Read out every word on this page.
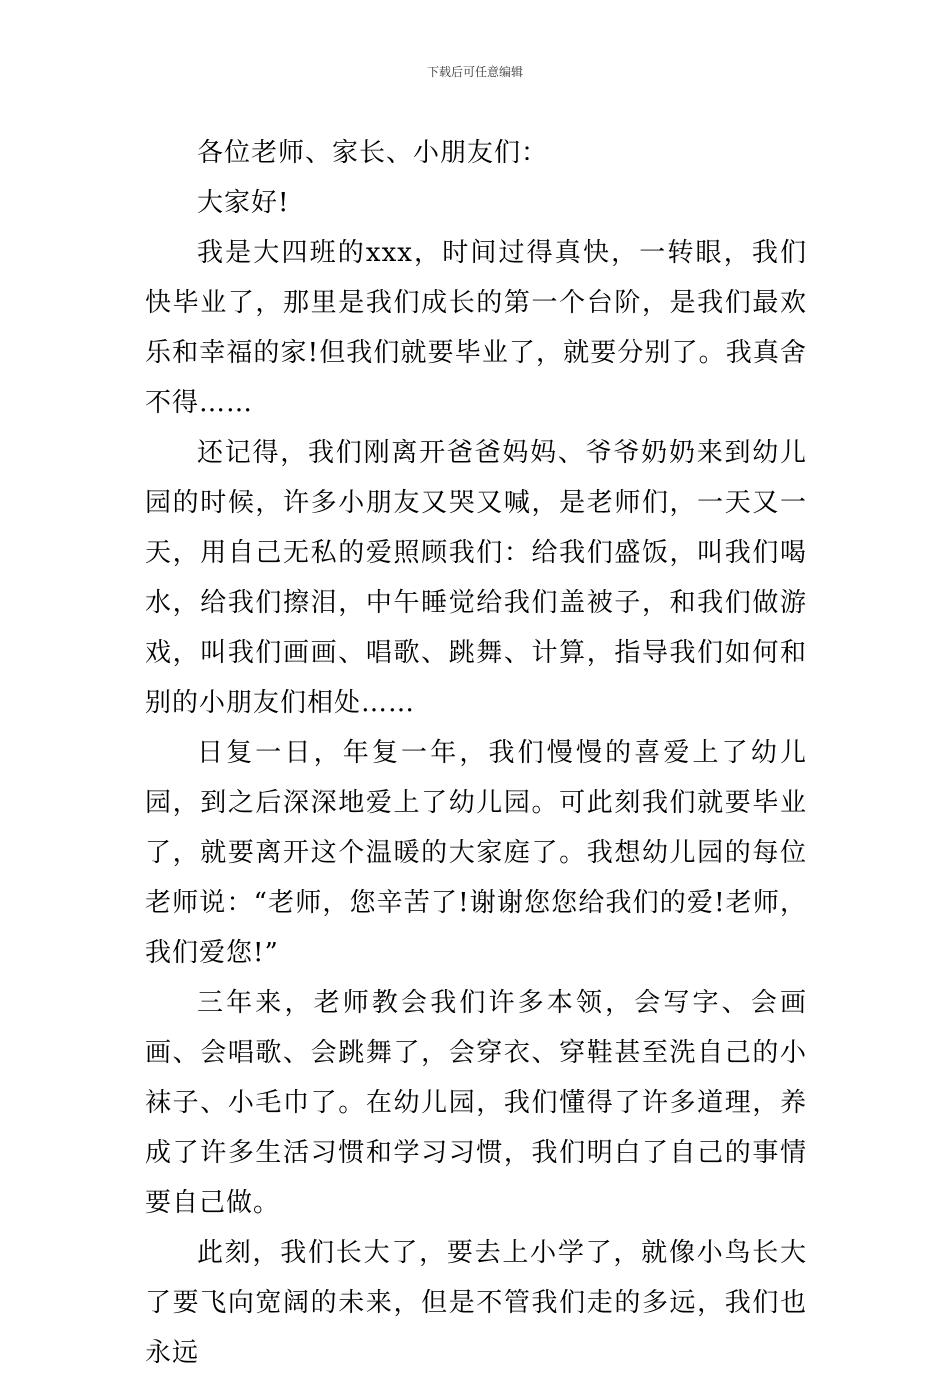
下载后可任意编辑

各位老师、家长、小朋友们：

大家好!

我是大四班的xxx，时间过得真快，一转眼，我们快毕业了，那里是我们成长的第一个台阶，是我们最欢乐和幸福的家!但我们就要毕业了，就要分别了。我真舍不得……

还记得，我们刚离开爸爸妈妈、爷爷奶奶来到幼儿园的时候，许多小朋友又哭又喊，是老师们，一天又一天，用自己无私的爱照顾我们：给我们盛饭，叫我们喝水，给我们擦泪，中午睡觉给我们盖被子，和我们做游戏，叫我们画画、唱歌、跳舞、计算，指导我们如何和别的小朋友们相处……

日复一日，年复一年，我们慢慢的喜爱上了幼儿园，到之后深深地爱上了幼儿园。可此刻我们就要毕业了，就要离开这个温暖的大家庭了。我想幼儿园的每位老师说：“老师，您辛苦了!谢谢您您给我们的爱!老师，我们爱您!”

三年来，老师教会我们许多本领，会写字、会画画、会唱歌、会跳舞了，会穿衣、穿鞋甚至洗自己的小袜子、小毛巾了。在幼儿园，我们懂得了许多道理，养成了许多生活习惯和学习习惯，我们明白了自己的事情要自己做。

此刻，我们长大了，要去上小学了，就像小鸟长大了要飞向宽阔的未来，但是不管我们走的多远，我们也永远
